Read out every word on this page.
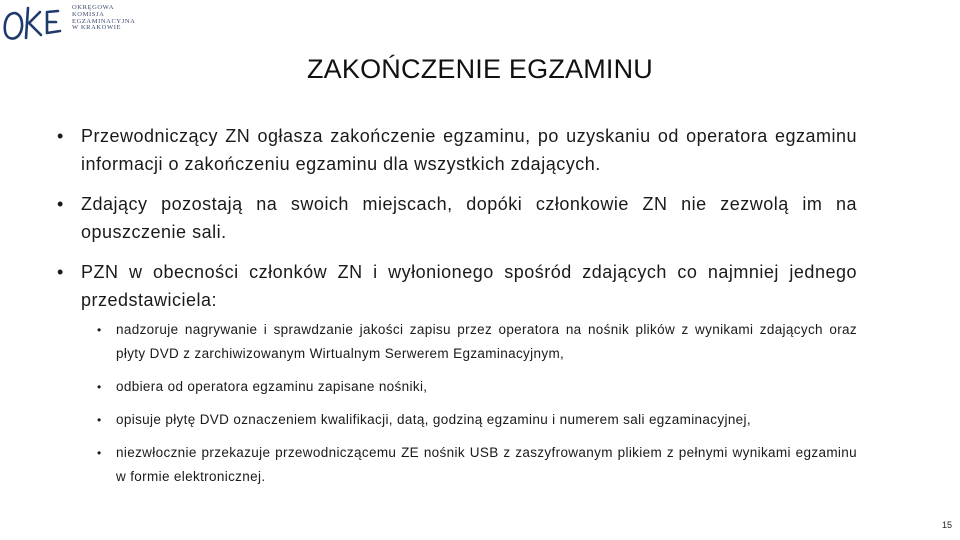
OKRĘGOWA
KOMISJA
EGZAMINACYJNA
W KRAKOWIE
ZAKOŃCZENIE EGZAMINU
• Przewodniczący ZN ogłasza zakończenie egzaminu, po uzyskaniu od operatora egzaminu informacji o zakończeniu egzaminu dla wszystkich zdających.
• Zdający pozostają na swoich miejscach, dopóki członkowie ZN nie zezwolą im na opuszczenie sali.
• PZN w obecności członków ZN i wyłonionego spośród zdających co najmniej jednego przedstawiciela:
• nadzoruje nagrywanie i sprawdzanie jakości zapisu przez operatora na nośnik plików z wynikami zdających oraz płyty DVD z zarchiwizowanym Wirtualnym Serwerem Egzaminacyjnym,
• odbiera od operatora egzaminu zapisane nośniki,
• opisuje płytę DVD oznaczeniem kwalifikacji, datą, godziną egzaminu i numerem sali egzaminacyjnej,
• niezwłocznie przekazuje przewodniczącemu ZE nośnik USB z zaszyfrowanym plikiem z pełnymi wynikami egzaminu w formie elektronicznej.
15
